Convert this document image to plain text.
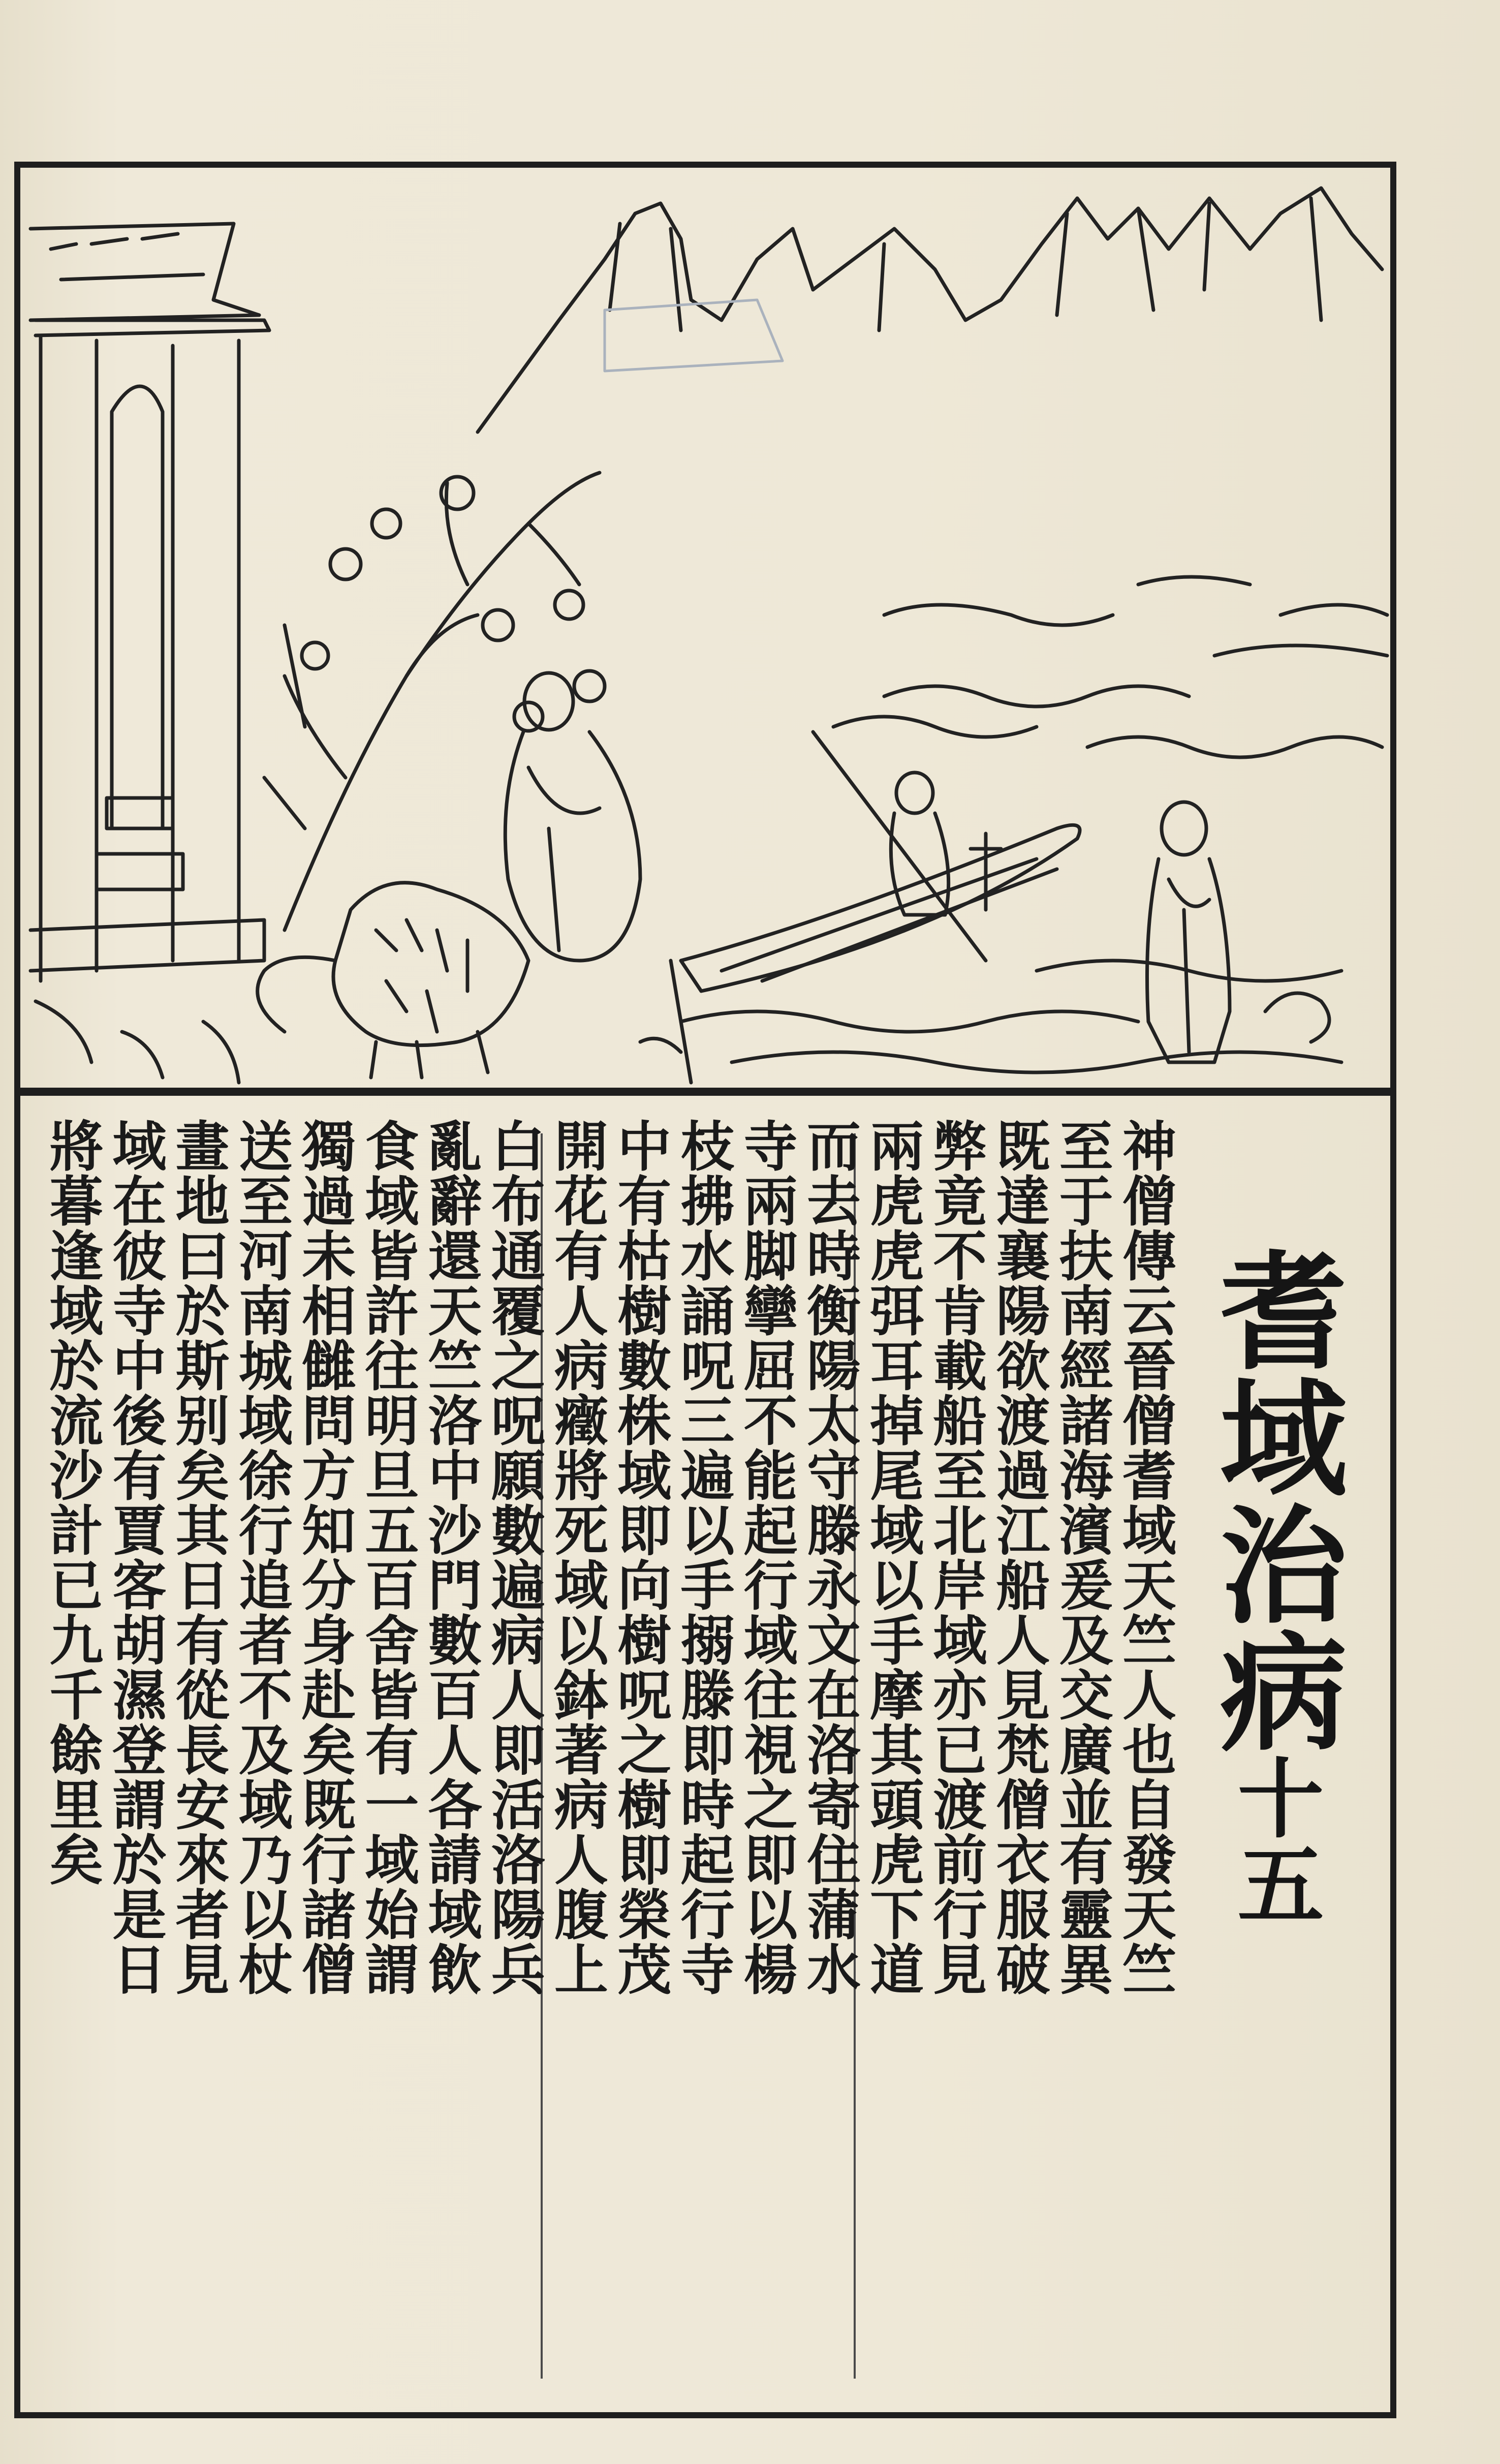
耆域治病十五
神僧傳云晉僧耆域天竺人也自發天竺
至于扶南經諸海濱爰及交廣並有靈異
既達襄陽欲渡過江船人見梵僧衣服破
弊竟不肯載船至北岸域亦已渡前行見
兩虎虎弭耳掉尾域以手摩其頭虎下道
而去時衡陽太守滕永文在洛寄住蒲水
寺兩脚攣屈不能起行域往視之即以楊
枝拂水誦呪三遍以手搦滕即時起行寺
中有枯樹數株域即向樹呪之樹即榮茂
開花有人病癥將死域以鉢著病人腹上
白布通覆之呪願數遍病人即活洛陽兵
亂辭還天竺洛中沙門數百人各請域飲
食域皆許往明旦五百舍皆有一域始謂
獨過未相雠問方知分身赴矣既行諸僧
送至河南城域徐行追者不及域乃以杖
畫地曰於斯别矣其日有從長安來者見
域在彼寺中後有賈客胡濕登謂於是日
將暮逢域於流沙計已九千餘里矣
